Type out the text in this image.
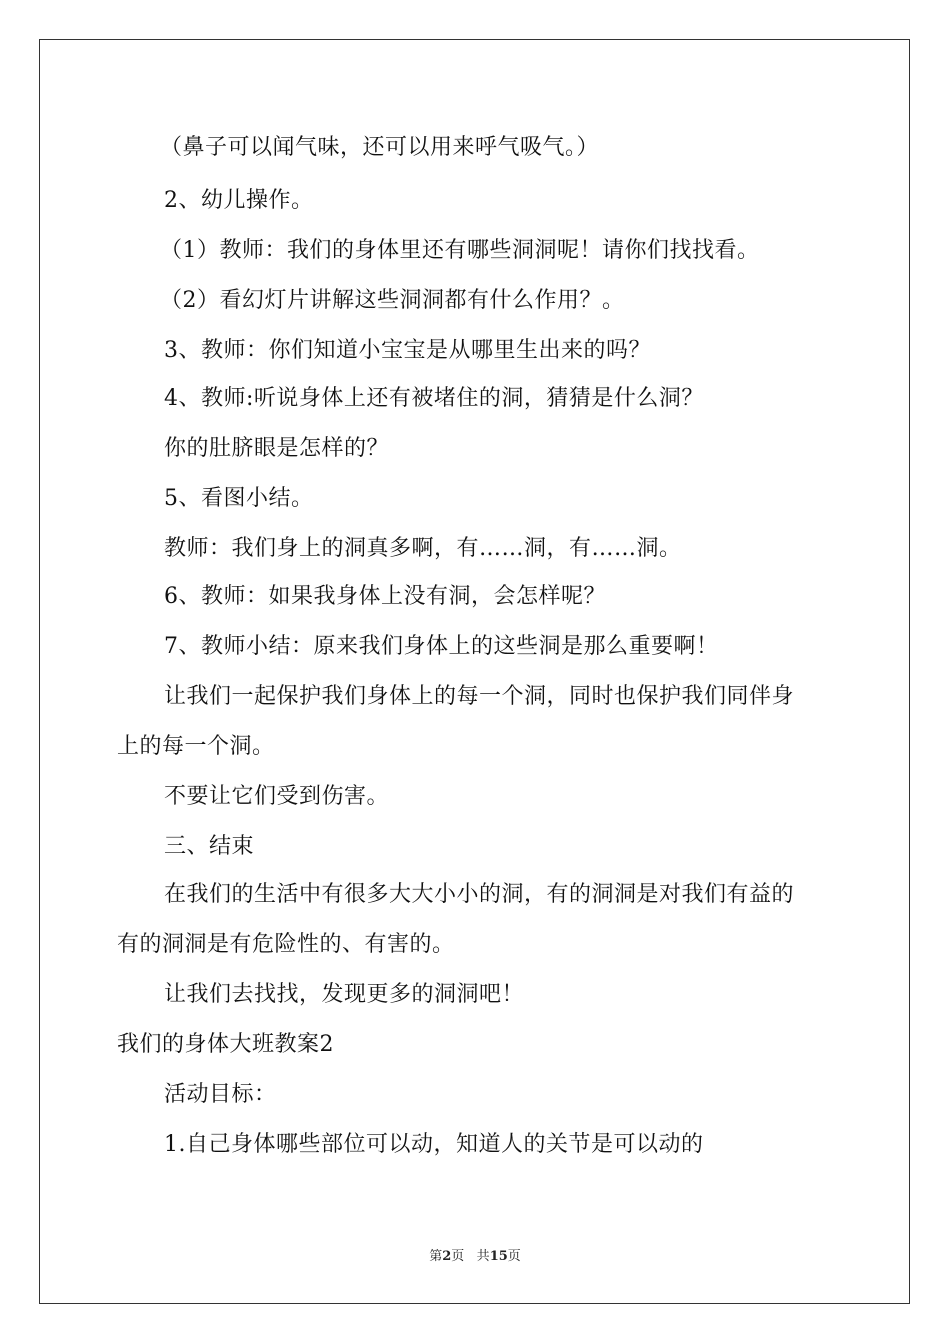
（鼻子可以闻气味，还可以用来呼气吸气。）
2、幼儿操作。
（1）教师：我们的身体里还有哪些洞洞呢！请你们找找看。
（2）看幻灯片讲解这些洞洞都有什么作用？。
3、教师：你们知道小宝宝是从哪里生出来的吗？
4、教师:听说身体上还有被堵住的洞，猜猜是什么洞？
你的肚脐眼是怎样的？
5、看图小结。
教师：我们身上的洞真多啊，有……洞，有……洞。
6、教师：如果我身体上没有洞，会怎样呢？
7、教师小结：原来我们身体上的这些洞是那么重要啊！
让我们一起保护我们身体上的每一个洞，同时也保护我们同伴身
上的每一个洞。
不要让它们受到伤害。
三、结束
在我们的生活中有很多大大小小的洞，有的洞洞是对我们有益的
有的洞洞是有危险性的、有害的。
让我们去找找，发现更多的洞洞吧！
我们的身体大班教案2
活动目标：
1.自己身体哪些部位可以动，知道人的关节是可以动的
第2页 共15页
